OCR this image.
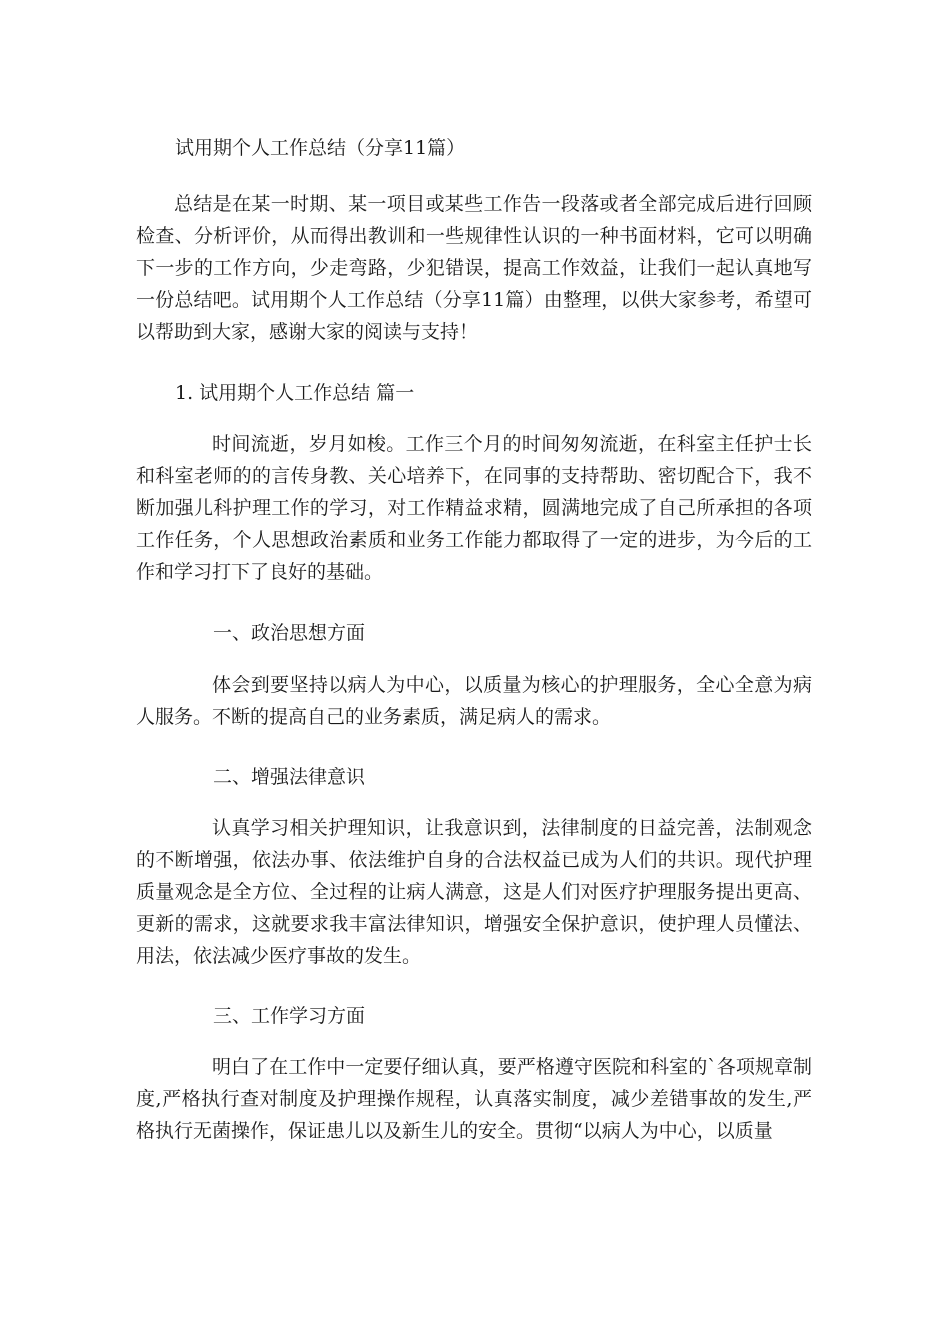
试用期个人工作总结（分享11篇）

总结是在某一时期、某一项目或某些工作告一段落或者全部完成后进行回顾检查、分析评价，从而得出教训和一些规律性认识的一种书面材料，它可以明确下一步的工作方向，少走弯路，少犯错误，提高工作效益，让我们一起认真地写一份总结吧。试用期个人工作总结（分享11篇）由整理，以供大家参考，希望可以帮助到大家，感谢大家的阅读与支持！

1. 试用期个人工作总结 篇一

时间流逝，岁月如梭。工作三个月的时间匆匆流逝，在科室主任护士长和科室老师的的言传身教、关心培养下，在同事的支持帮助、密切配合下，我不断加强儿科护理工作的学习，对工作精益求精，圆满地完成了自己所承担的各项工作任务，个人思想政治素质和业务工作能力都取得了一定的进步，为今后的工作和学习打下了良好的基础。

一、政治思想方面

体会到要坚持以病人为中心，以质量为核心的护理服务，全心全意为病人服务。不断的提高自己的业务素质，满足病人的需求。

二、增强法律意识

认真学习相关护理知识，让我意识到，法律制度的日益完善，法制观念的不断增强，依法办事、依法维护自身的合法权益已成为人们的共识。现代护理质量观念是全方位、全过程的让病人满意，这是人们对医疗护理服务提出更高、更新的需求，这就要求我丰富法律知识，增强安全保护意识，使护理人员懂法、用法，依法减少医疗事故的发生。

三、工作学习方面

明白了在工作中一定要仔细认真，要严格遵守医院和科室的`各项规章制度,严格执行查对制度及护理操作规程，认真落实制度，减少差错事故的发生,严格执行无菌操作，保证患儿以及新生儿的安全。贯彻“以病人为中心，以质量
